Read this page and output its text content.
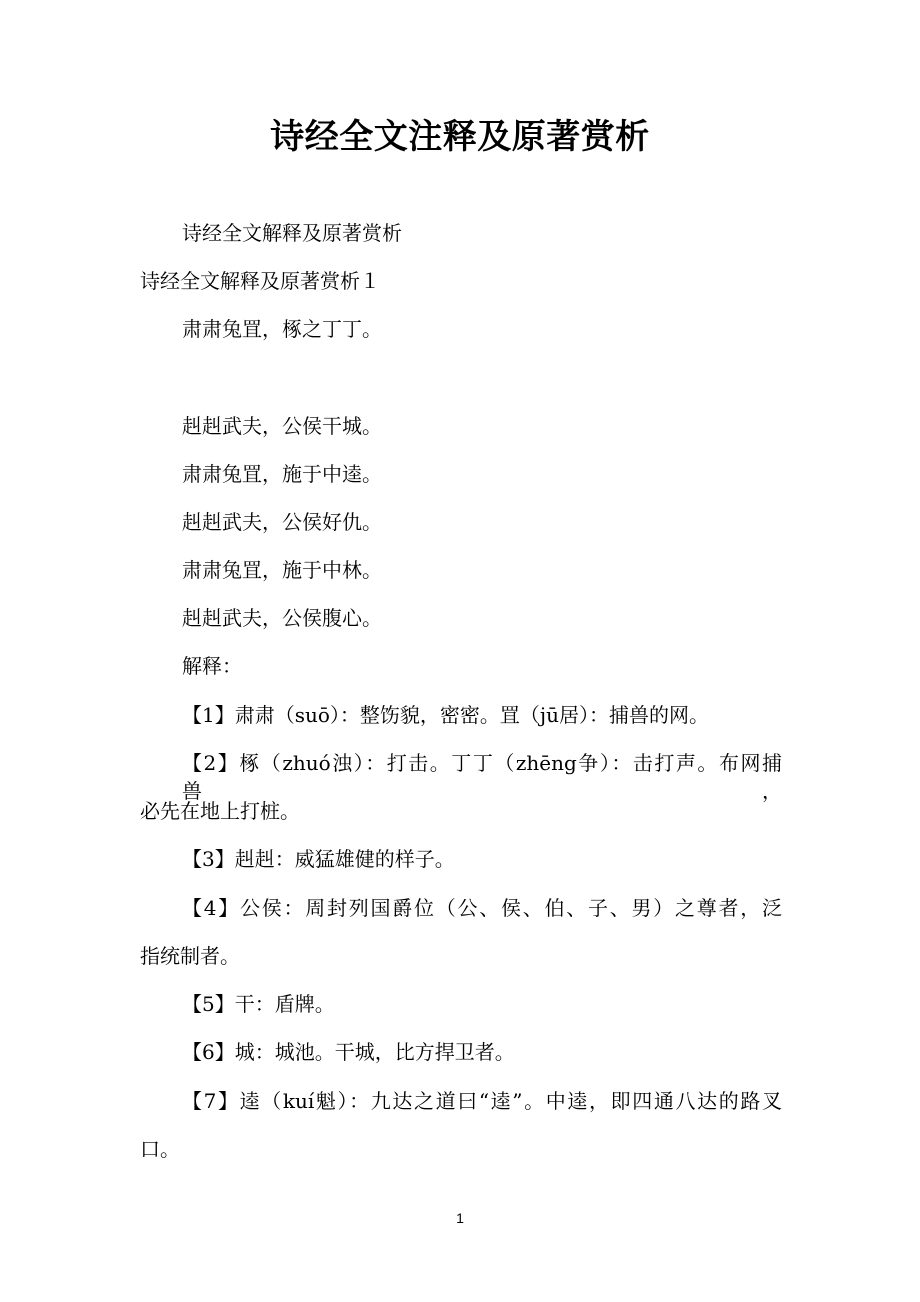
诗经全文注释及原著赏析
诗经全文解释及原著赏析
诗经全文解释及原著赏析１
肃肃兔罝，椓之丁丁。
赳赳武夫，公侯干城。
肃肃兔罝，施于中逵。
赳赳武夫，公侯好仇。
肃肃兔罝，施于中林。
赳赳武夫，公侯腹心。
解释：
【1】肃肃（suō）：整饬貌，密密。罝（jū居）：捕兽的网。
【2】椓（zhuó浊）：打击。丁丁（zhēng争）：击打声。布网捕兽，
必先在地上打桩。
【3】赳赳：威猛雄健的样子。
【4】公侯：周封列国爵位（公、侯、伯、子、男）之尊者，泛
指统制者。
【5】干：盾牌。
【6】城：城池。干城，比方捍卫者。
【7】逵（kuí魁）：九达之道曰“逵”。中逵，即四通八达的路叉
口。
1
